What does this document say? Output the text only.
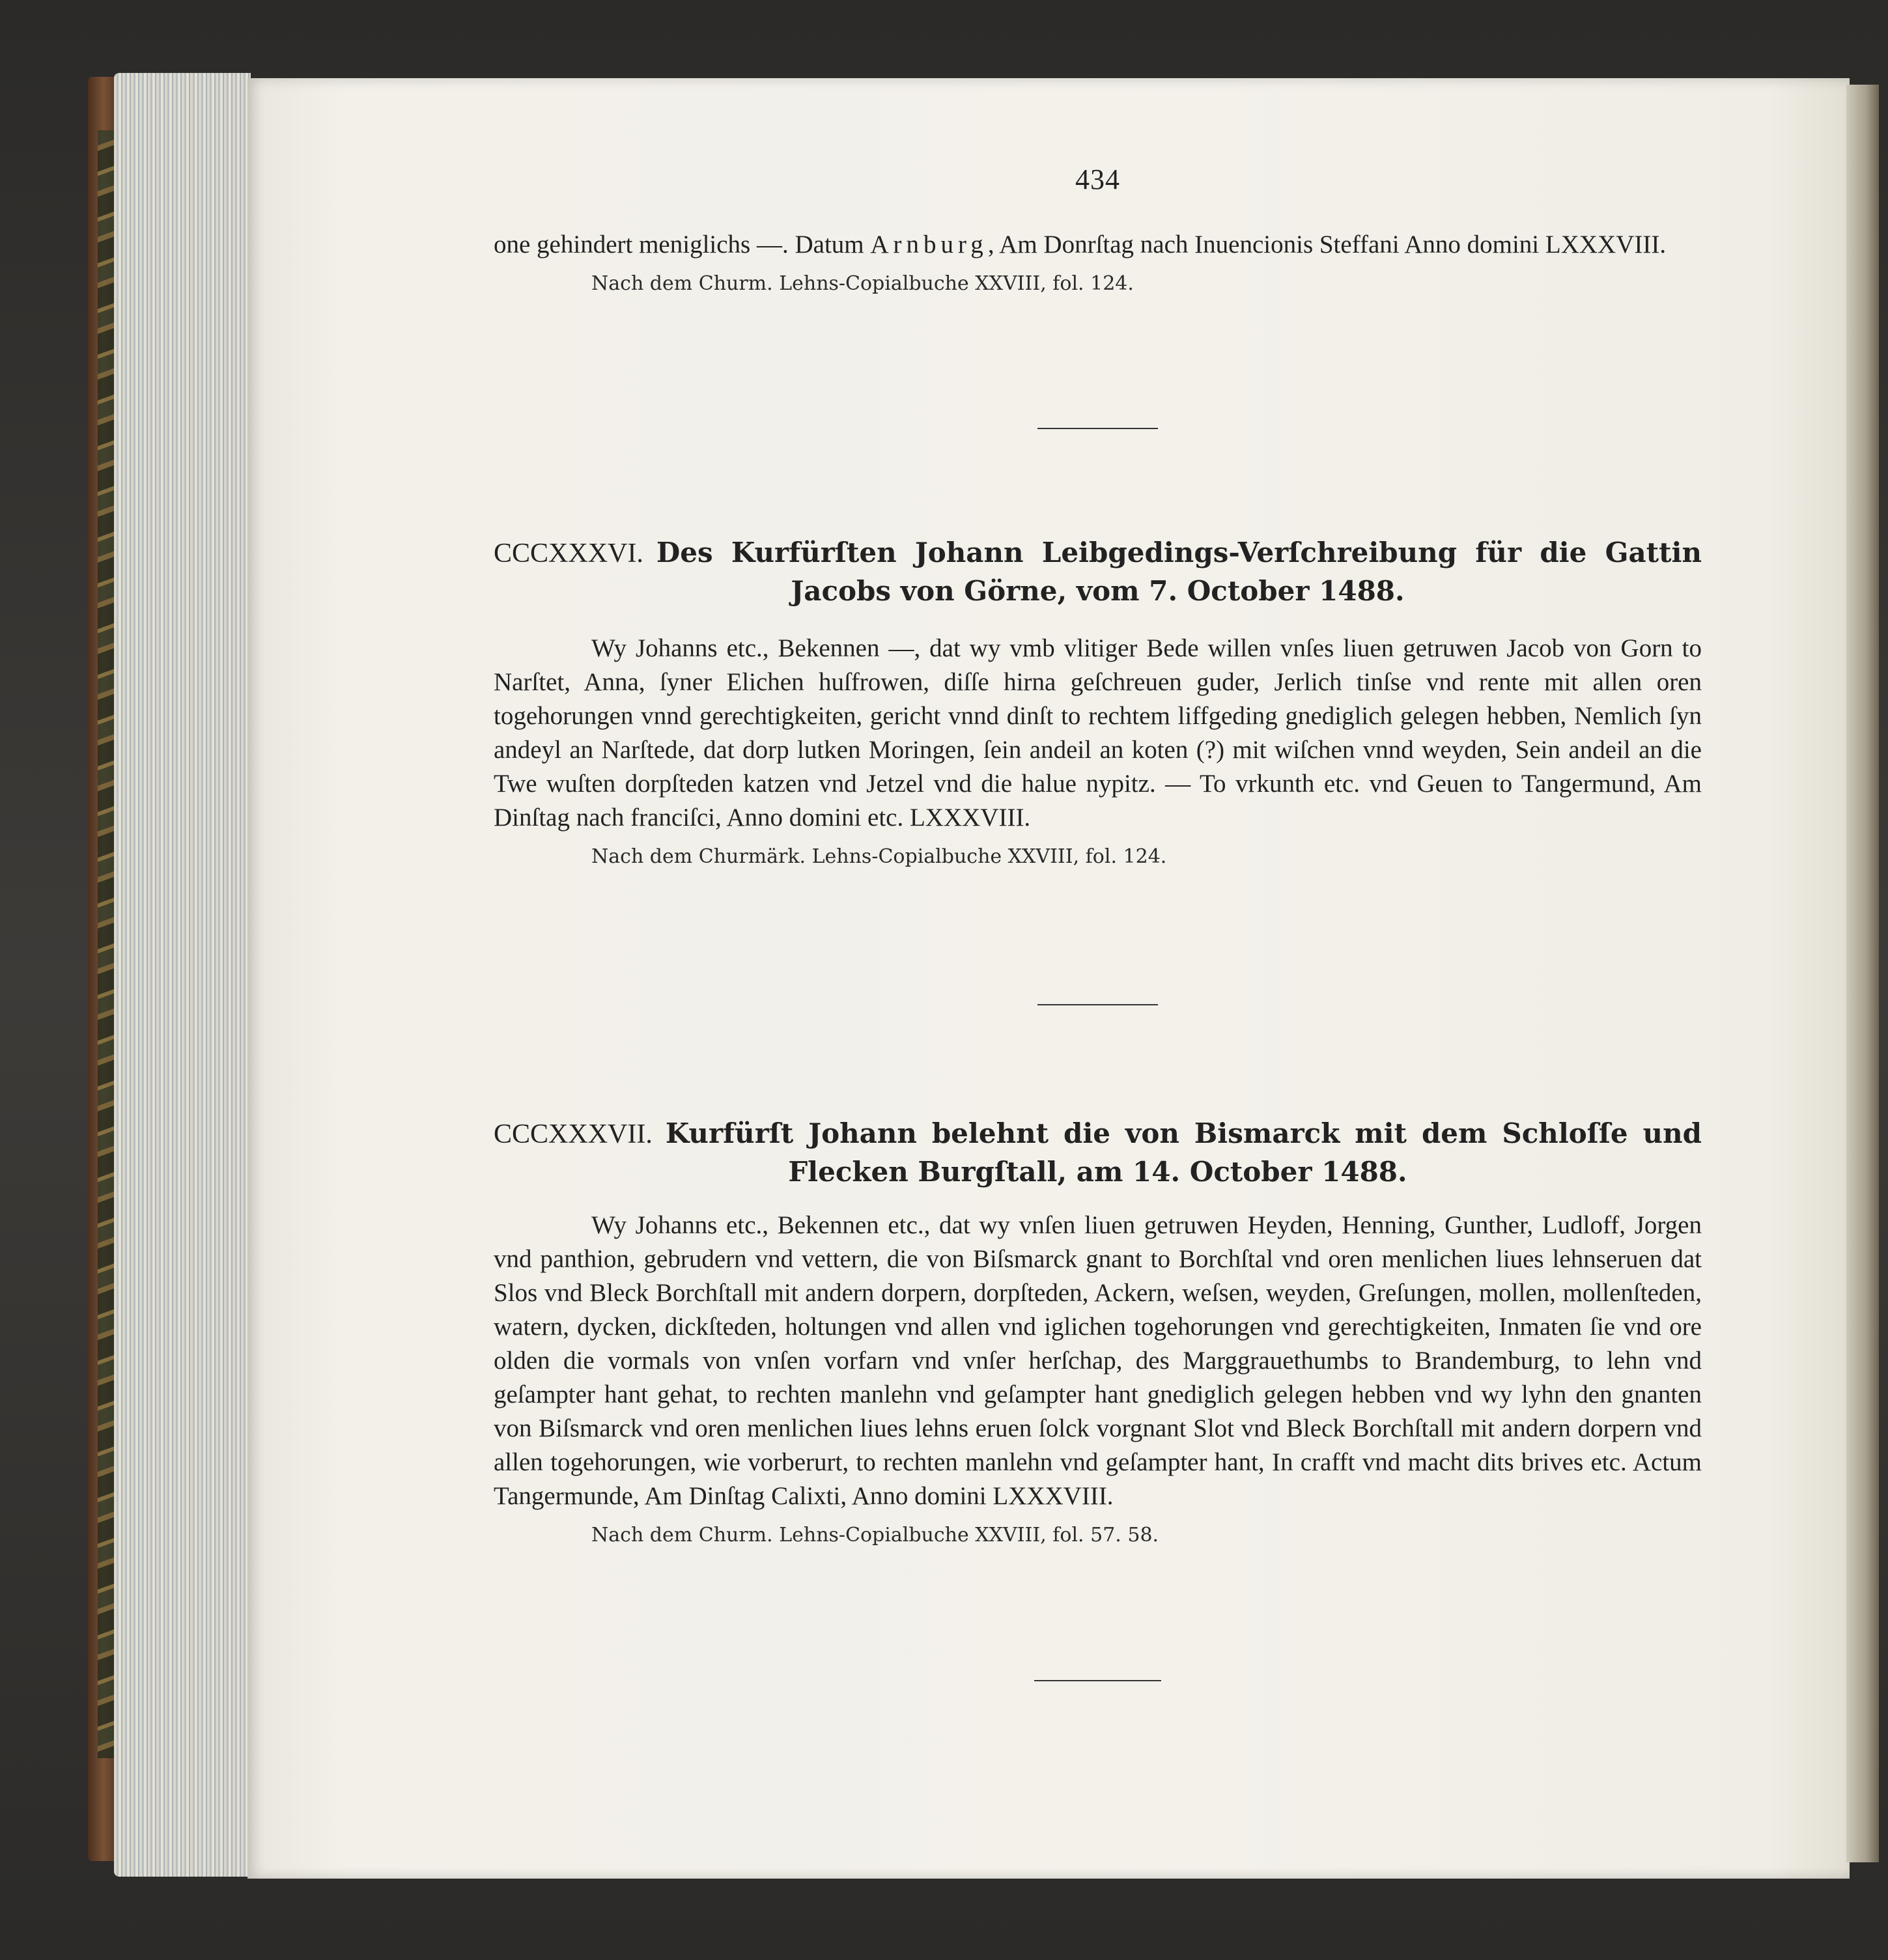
434

one gehindert meniglichs —. Datum Arnburg, Am Donrſtag nach Inuencionis Steffani Anno domini LXXXVIII.

Nach dem Churm. Lehns-Copialbuche XXVIII, fol. 124.

CCCXXXVI. Des Kurfürſten Johann Leibgedings-Verſchreibung für die Gattin Jacobs von Görne, vom 7. October 1488.

Wy Johanns etc., Bekennen —, dat wy vmb vlitiger Bede willen vnſes liuen getruwen Jacob von Gorn to Narſtet, Anna, ſyner Elichen huſfrowen, diſſe hirna geſchreuen guder, Jerlich tinſse vnd rente mit allen oren togehorungen vnnd gerechtigkeiten, gericht vnnd dinſt to rechtem liffgeding gnediglich gelegen hebben, Nemlich ſyn andeyl an Narſtede, dat dorp lutken Moringen, ſein andeil an koten (?) mit wiſchen vnnd weyden, Sein andeil an die Twe wuſten dorpſteden katzen vnd Jetzel vnd die halue nypitz. — To vrkunth etc. vnd Geuen to Tangermund, Am Dinſtag nach franciſci, Anno domini etc. LXXXVIII.

Nach dem Churmärk. Lehns-Copialbuche XXVIII, fol. 124.

CCCXXXVII. Kurfürſt Johann belehnt die von Bismarck mit dem Schloſſe und Flecken Burgſtall, am 14. October 1488.

Wy Johanns etc., Bekennen etc., dat wy vnſen liuen getruwen Heyden, Henning, Gunther, Ludloff, Jorgen vnd panthion, gebrudern vnd vettern, die von Biſsmarck gnant to Borchſtal vnd oren menlichen liues lehnseruen dat Slos vnd Bleck Borchſtall mit andern dorpern, dorpſteden, Ackern, weſsen, weyden, Greſungen, mollen, mollenſteden, watern, dycken, dickſteden, holtungen vnd allen vnd iglichen togehorungen vnd gerechtigkeiten, Inmaten ſie vnd ore olden die vormals von vnſen vorfarn vnd vnſer herſchap, des Marggrauethumbs to Brandemburg, to lehn vnd geſampter hant gehat, to rechten manlehn vnd geſampter hant gnediglich gelegen hebben vnd wy lyhn den gnanten von Biſsmarck vnd oren menlichen liues lehns eruen ſolck vorgnant Slot vnd Bleck Borchſtall mit andern dorpern vnd allen togehorungen, wie vorberurt, to rechten manlehn vnd geſampter hant, In crafft vnd macht dits brives etc. Actum Tangermunde, Am Dinſtag Calixti, Anno domini LXXXVIII.

Nach dem Churm. Lehns-Copialbuche XXVIII, fol. 57. 58.
